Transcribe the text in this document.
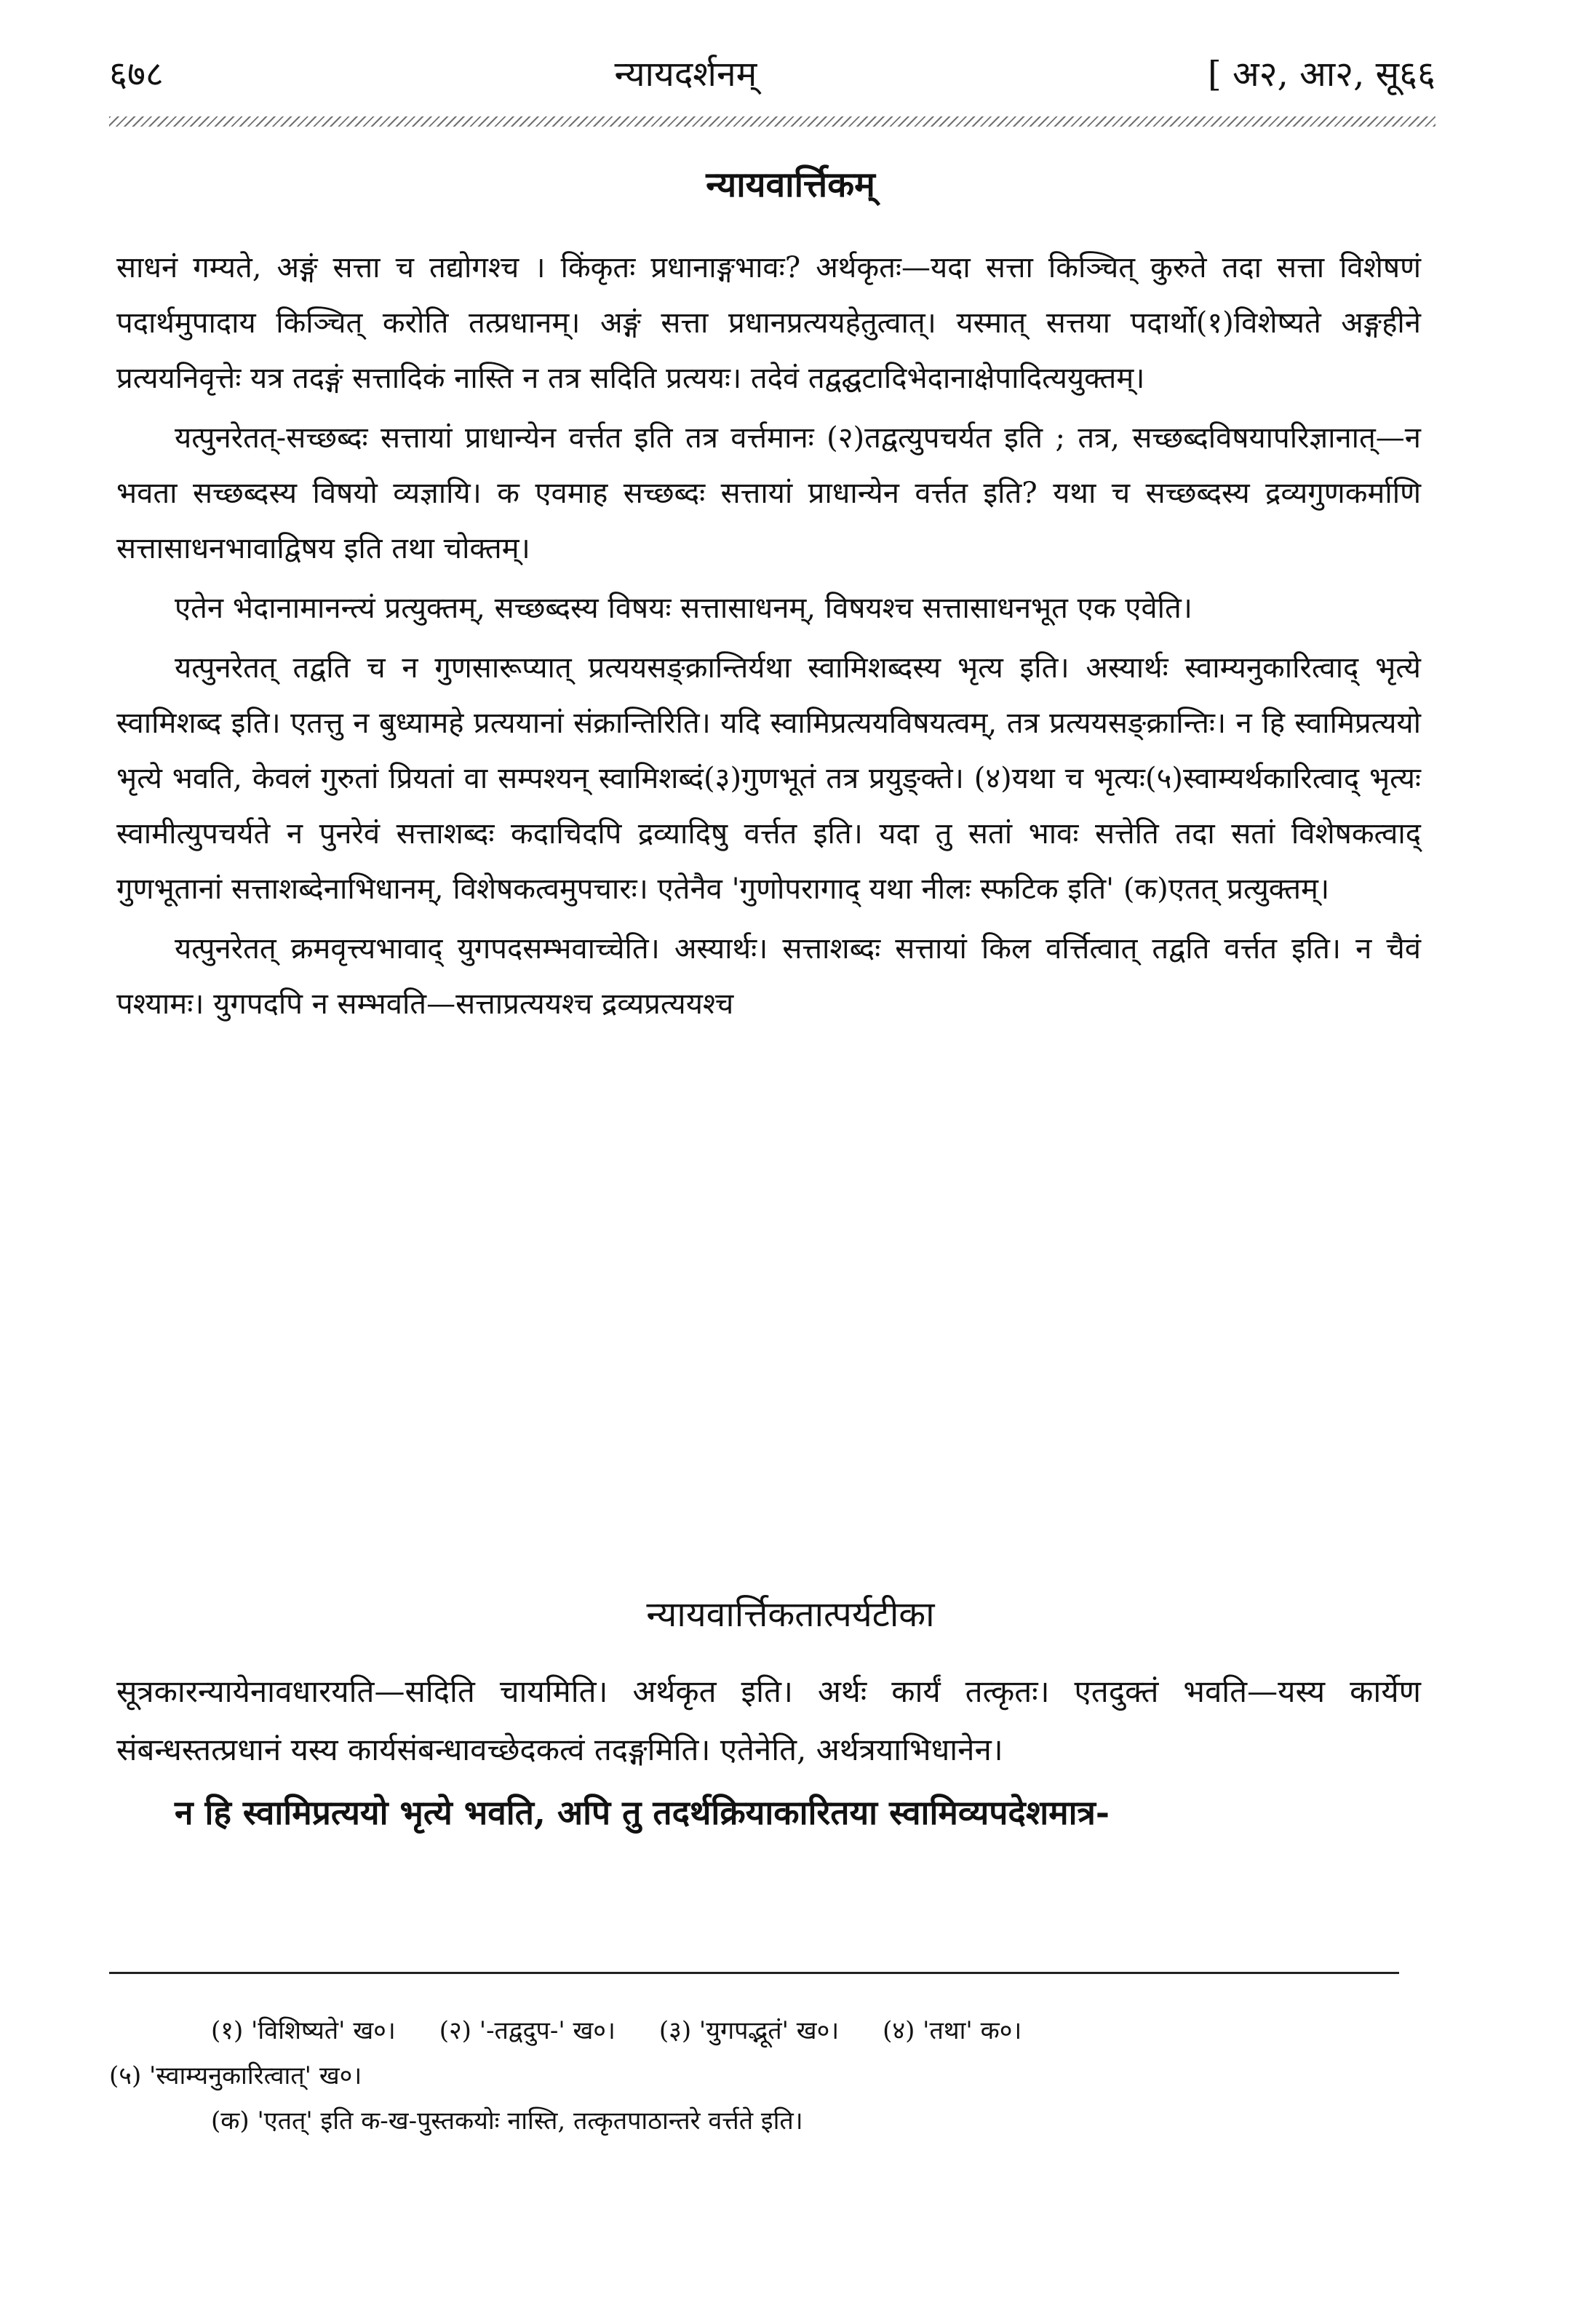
६७८	न्यायदर्शनम्	[ अ२, आ२, सू६६
न्यायवार्त्तिकम्

साधनं गम्यते, अङ्गं सत्ता च तद्योगश्च । किंकृतः प्रधानाङ्गभावः? अर्थकृतः—यदा सत्ता किञ्चित् कुरुते तदा सत्ता विशेषणं पदार्थमुपादाय किञ्चित् करोति तत्प्रधानम्। अङ्गं सत्ता प्रधानप्रत्ययहेतुत्वात्। यस्मात् सत्तया पदार्थो(१)विशेष्यते अङ्गहीने प्रत्ययनिवृत्तेः यत्र तदङ्गं सत्तादिकं नास्ति न तत्र सदिति प्रत्ययः। तदेवं तद्वद्घटादिभेदानाक्षेपादित्ययुक्तम्।

यत्पुनरेतत्-सच्छब्दः सत्तायां प्राधान्येन वर्त्तत इति तत्र वर्त्तमानः (२)तद्वत्युपचर्यत इति ; तत्र, सच्छब्दविषयापरिज्ञानात्—न भवता सच्छब्दस्य विषयो व्यज्ञायि। क एवमाह सच्छब्दः सत्तायां प्राधान्येन वर्त्तत इति? यथा च सच्छब्दस्य द्रव्यगुणकर्माणि सत्तासाधनभावाद्विषय इति तथा चोक्तम्।

एतेन भेदानामानन्त्यं प्रत्युक्तम्, सच्छब्दस्य विषयः सत्तासाधनम्, विषयश्च सत्तासाधनभूत एक एवेति।

यत्पुनरेतत् तद्वति च न गुणसारूप्यात् प्रत्ययसङ्क्रान्तिर्यथा स्वामिशब्दस्य भृत्य इति। अस्यार्थः स्वाम्यनुकारित्वाद् भृत्ये स्वामिशब्द इति। एतत्तु न बुध्यामहे प्रत्ययानां संक्रान्तिरिति। यदि स्वामिप्रत्ययविषयत्वम्, तत्र प्रत्ययसङ्क्रान्तिः। न हि स्वामिप्रत्ययो भृत्ये भवति, केवलं गुरुतां प्रियतां वा सम्पश्यन् स्वामिशब्दं(३)गुणभूतं तत्र प्रयुङ्क्ते। (४)यथा च भृत्यः(५)स्वाम्यर्थकारित्वाद् भृत्यः स्वामीत्युपचर्यते न पुनरेवं सत्ताशब्दः कदाचिदपि द्रव्यादिषु वर्त्तत इति। यदा तु सतां भावः सत्तेति तदा सतां विशेषकत्वाद् गुणभूतानां सत्ताशब्देनाभिधानम्, विशेषकत्वमुपचारः। एतेनैव 'गुणोपरागाद् यथा नीलः स्फटिक इति' (क)एतत् प्रत्युक्तम्।

यत्पुनरेतत् क्रमवृत्त्यभावाद् युगपदसम्भवाच्चेति। अस्यार्थः। सत्ताशब्दः सत्तायां किल वर्त्तित्वात् तद्वति वर्त्तत इति। न चैवं पश्यामः। युगपदपि न सम्भवति—सत्ताप्रत्ययश्च द्रव्यप्रत्ययश्च

न्यायवार्त्तिकतात्पर्यटीका

सूत्रकारन्यायेनावधारयति—सदिति चायमिति। अर्थकृत इति। अर्थः कार्यं तत्कृतः। एतदुक्तं भवति—यस्य कार्येण संबन्धस्तत्प्रधानं यस्य कार्यसंबन्धावच्छेदकत्वं तदङ्गमिति। एतेनेति, अर्थत्रयाभिधानेन।

न हि स्वामिप्रत्ययो भृत्ये भवति, अपि तु तदर्थक्रियाकारितया स्वामिव्यपदेशमात्र-

(१) 'विशिष्यते' ख०। (२) '-तद्वदुप-' ख०। (३) 'युगपद्भूतं' ख०। (४) 'तथा' क०।
(५) 'स्वाम्यनुकारित्वात्' ख०।
(क) 'एतत्' इति क-ख-पुस्तकयोः नास्ति, तत्कृतपाठान्तरे वर्त्तते इति।
